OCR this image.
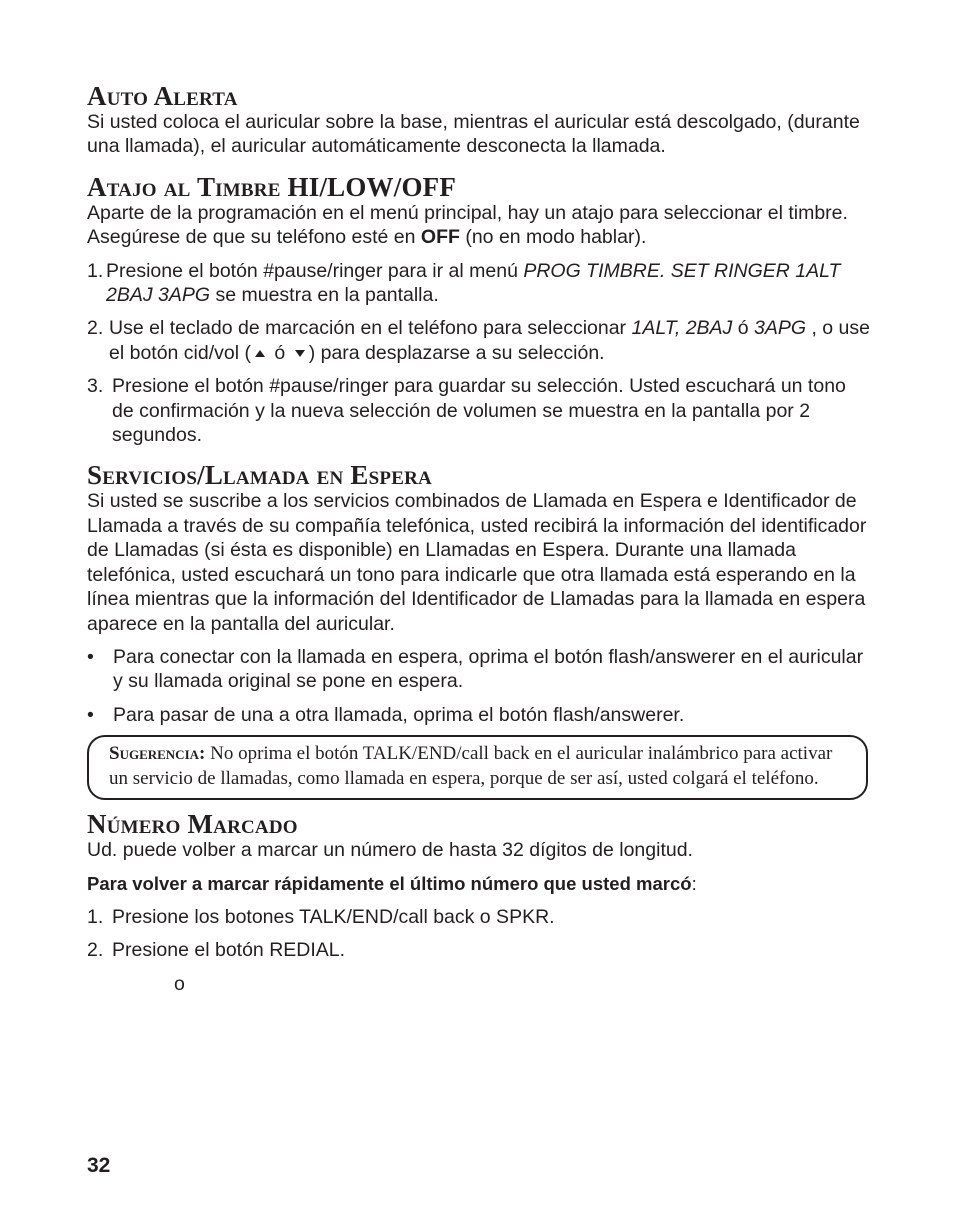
Auto Alerta

Si usted coloca el auricular sobre la base, mientras el auricular está descolgado, (durante una llamada), el auricular automáticamente desconecta la llamada.

Atajo al Timbre HI/LOW/OFF

Aparte de la programación en el menú principal, hay un atajo para seleccionar el timbre. Asegúrese de que su teléfono esté en OFF (no en modo hablar).

1. Presione el botón #pause/ringer para ir al menú PROG TIMBRE. SET RINGER 1ALT 2BAJ 3APG se muestra en la pantalla.
2. Use el teclado de marcación en el teléfono para seleccionar 1ALT, 2BAJ ó 3APG , o use el botón cid/vol ( ó ) para desplazarse a su selección.
3. Presione el botón #pause/ringer para guardar su selección. Usted escuchará un tono de confirmación y la nueva selección de volumen se muestra en la pantalla por 2 segundos.
Servicios/Llamada en Espera

Si usted se suscribe a los servicios combinados de Llamada en Espera e Identificador de Llamada a través de su compañía telefónica, usted recibirá la información del identificador de Llamadas (si ésta es disponible) en Llamadas en Espera. Durante una llamada telefónica, usted escuchará un tono para indicarle que otra llamada está esperando en la línea mientras que la información del Identificador de Llamadas para la llamada en espera aparece en la pantalla del auricular.

• Para conectar con la llamada en espera, oprima el botón flash/answerer en el auricular y su llamada original se pone en espera.
• Para pasar de una a otra llamada, oprima el botón flash/answerer.
Sugerencia: No oprima el botón TALK/END/call back en el auricular inalámbrico para activar un servicio de llamadas, como llamada en espera, porque de ser así, usted colgará el teléfono.
Número Marcado

Ud. puede volber a marcar un número de hasta 32 dígitos de longitud.

Para volver a marcar rápidamente el último número que usted marcó:

1. Presione los botones TALK/END/call back o SPKR.
2. Presione el botón REDIAL.

o

32
